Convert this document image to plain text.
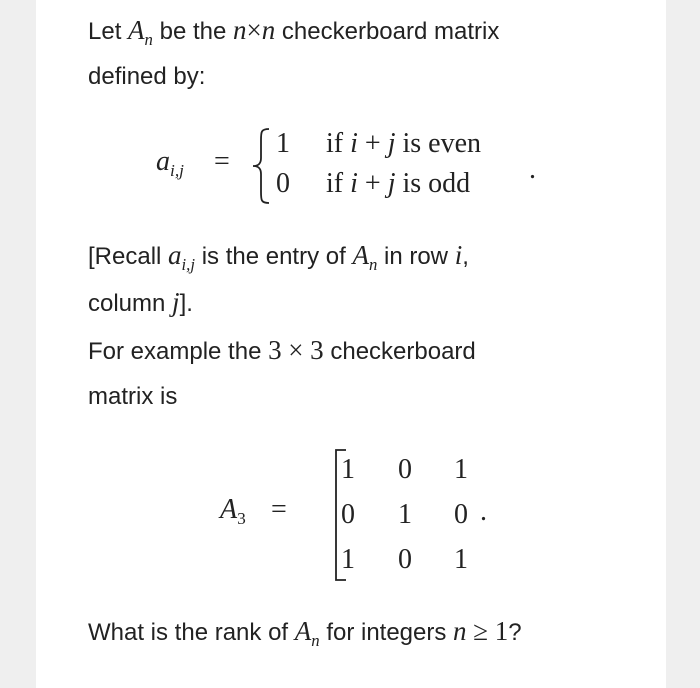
Let $A_n$ be the n×n checkerboard matrix
defined by:
$a_{i,j}$ =
1
0
if i + j is even
if i + j is odd .
[Recall $a_{i,j}$ is the entry of $A_n$ in row i,
column j].
For example the 3 × 3 checkerboard
matrix is
$A_3$ =
1 0 1
0 1 0
1 0 1
.
What is the rank of $A_n$ for integers n ≥ 1?
